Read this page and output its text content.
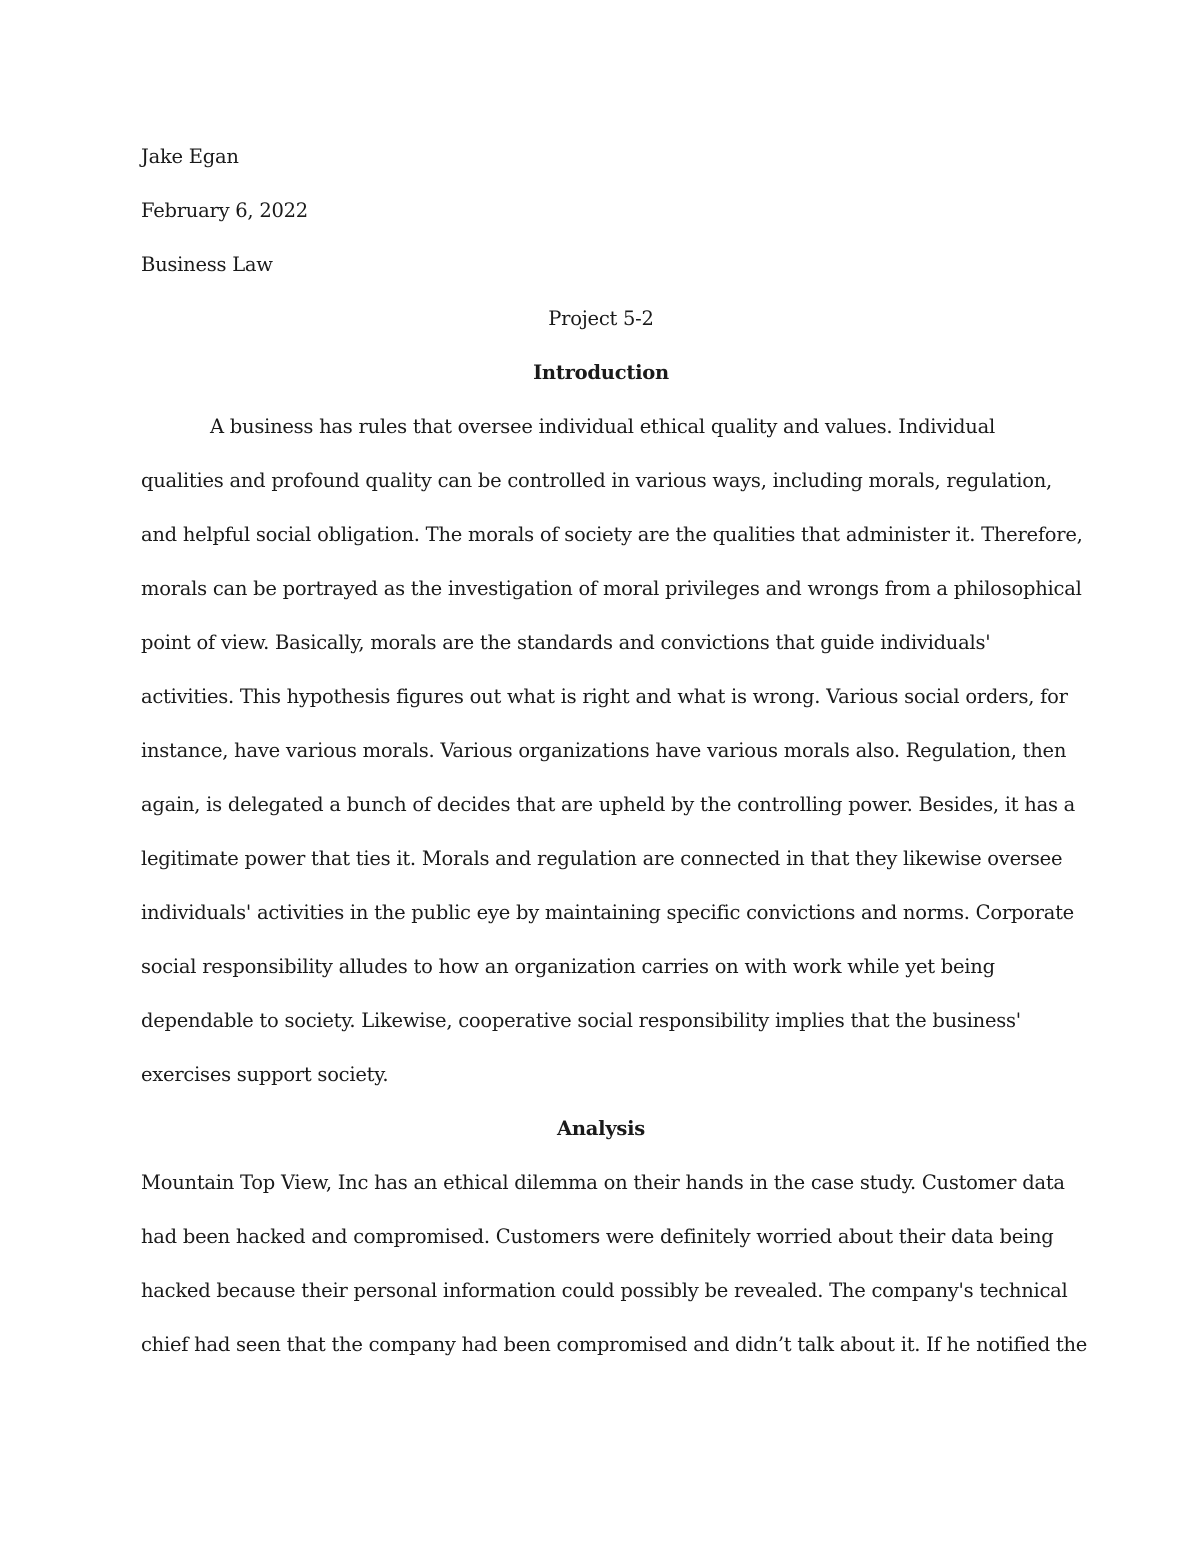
Jake Egan
February 6, 2022
Business Law
Project 5-2
Introduction
A business has rules that oversee individual ethical quality and values. Individual
qualities and profound quality can be controlled in various ways, including morals, regulation,
and helpful social obligation. The morals of society are the qualities that administer it. Therefore,
morals can be portrayed as the investigation of moral privileges and wrongs from a philosophical
point of view. Basically, morals are the standards and convictions that guide individuals'
activities. This hypothesis figures out what is right and what is wrong. Various social orders, for
instance, have various morals. Various organizations have various morals also. Regulation, then
again, is delegated a bunch of decides that are upheld by the controlling power. Besides, it has a
legitimate power that ties it. Morals and regulation are connected in that they likewise oversee
individuals' activities in the public eye by maintaining specific convictions and norms. Corporate
social responsibility alludes to how an organization carries on with work while yet being
dependable to society. Likewise, cooperative social responsibility implies that the business'
exercises support society.
Analysis
Mountain Top View, Inc has an ethical dilemma on their hands in the case study. Customer data
had been hacked and compromised. Customers were definitely worried about their data being
hacked because their personal information could possibly be revealed. The company's technical
chief had seen that the company had been compromised and didn’t talk about it. If he notified the
